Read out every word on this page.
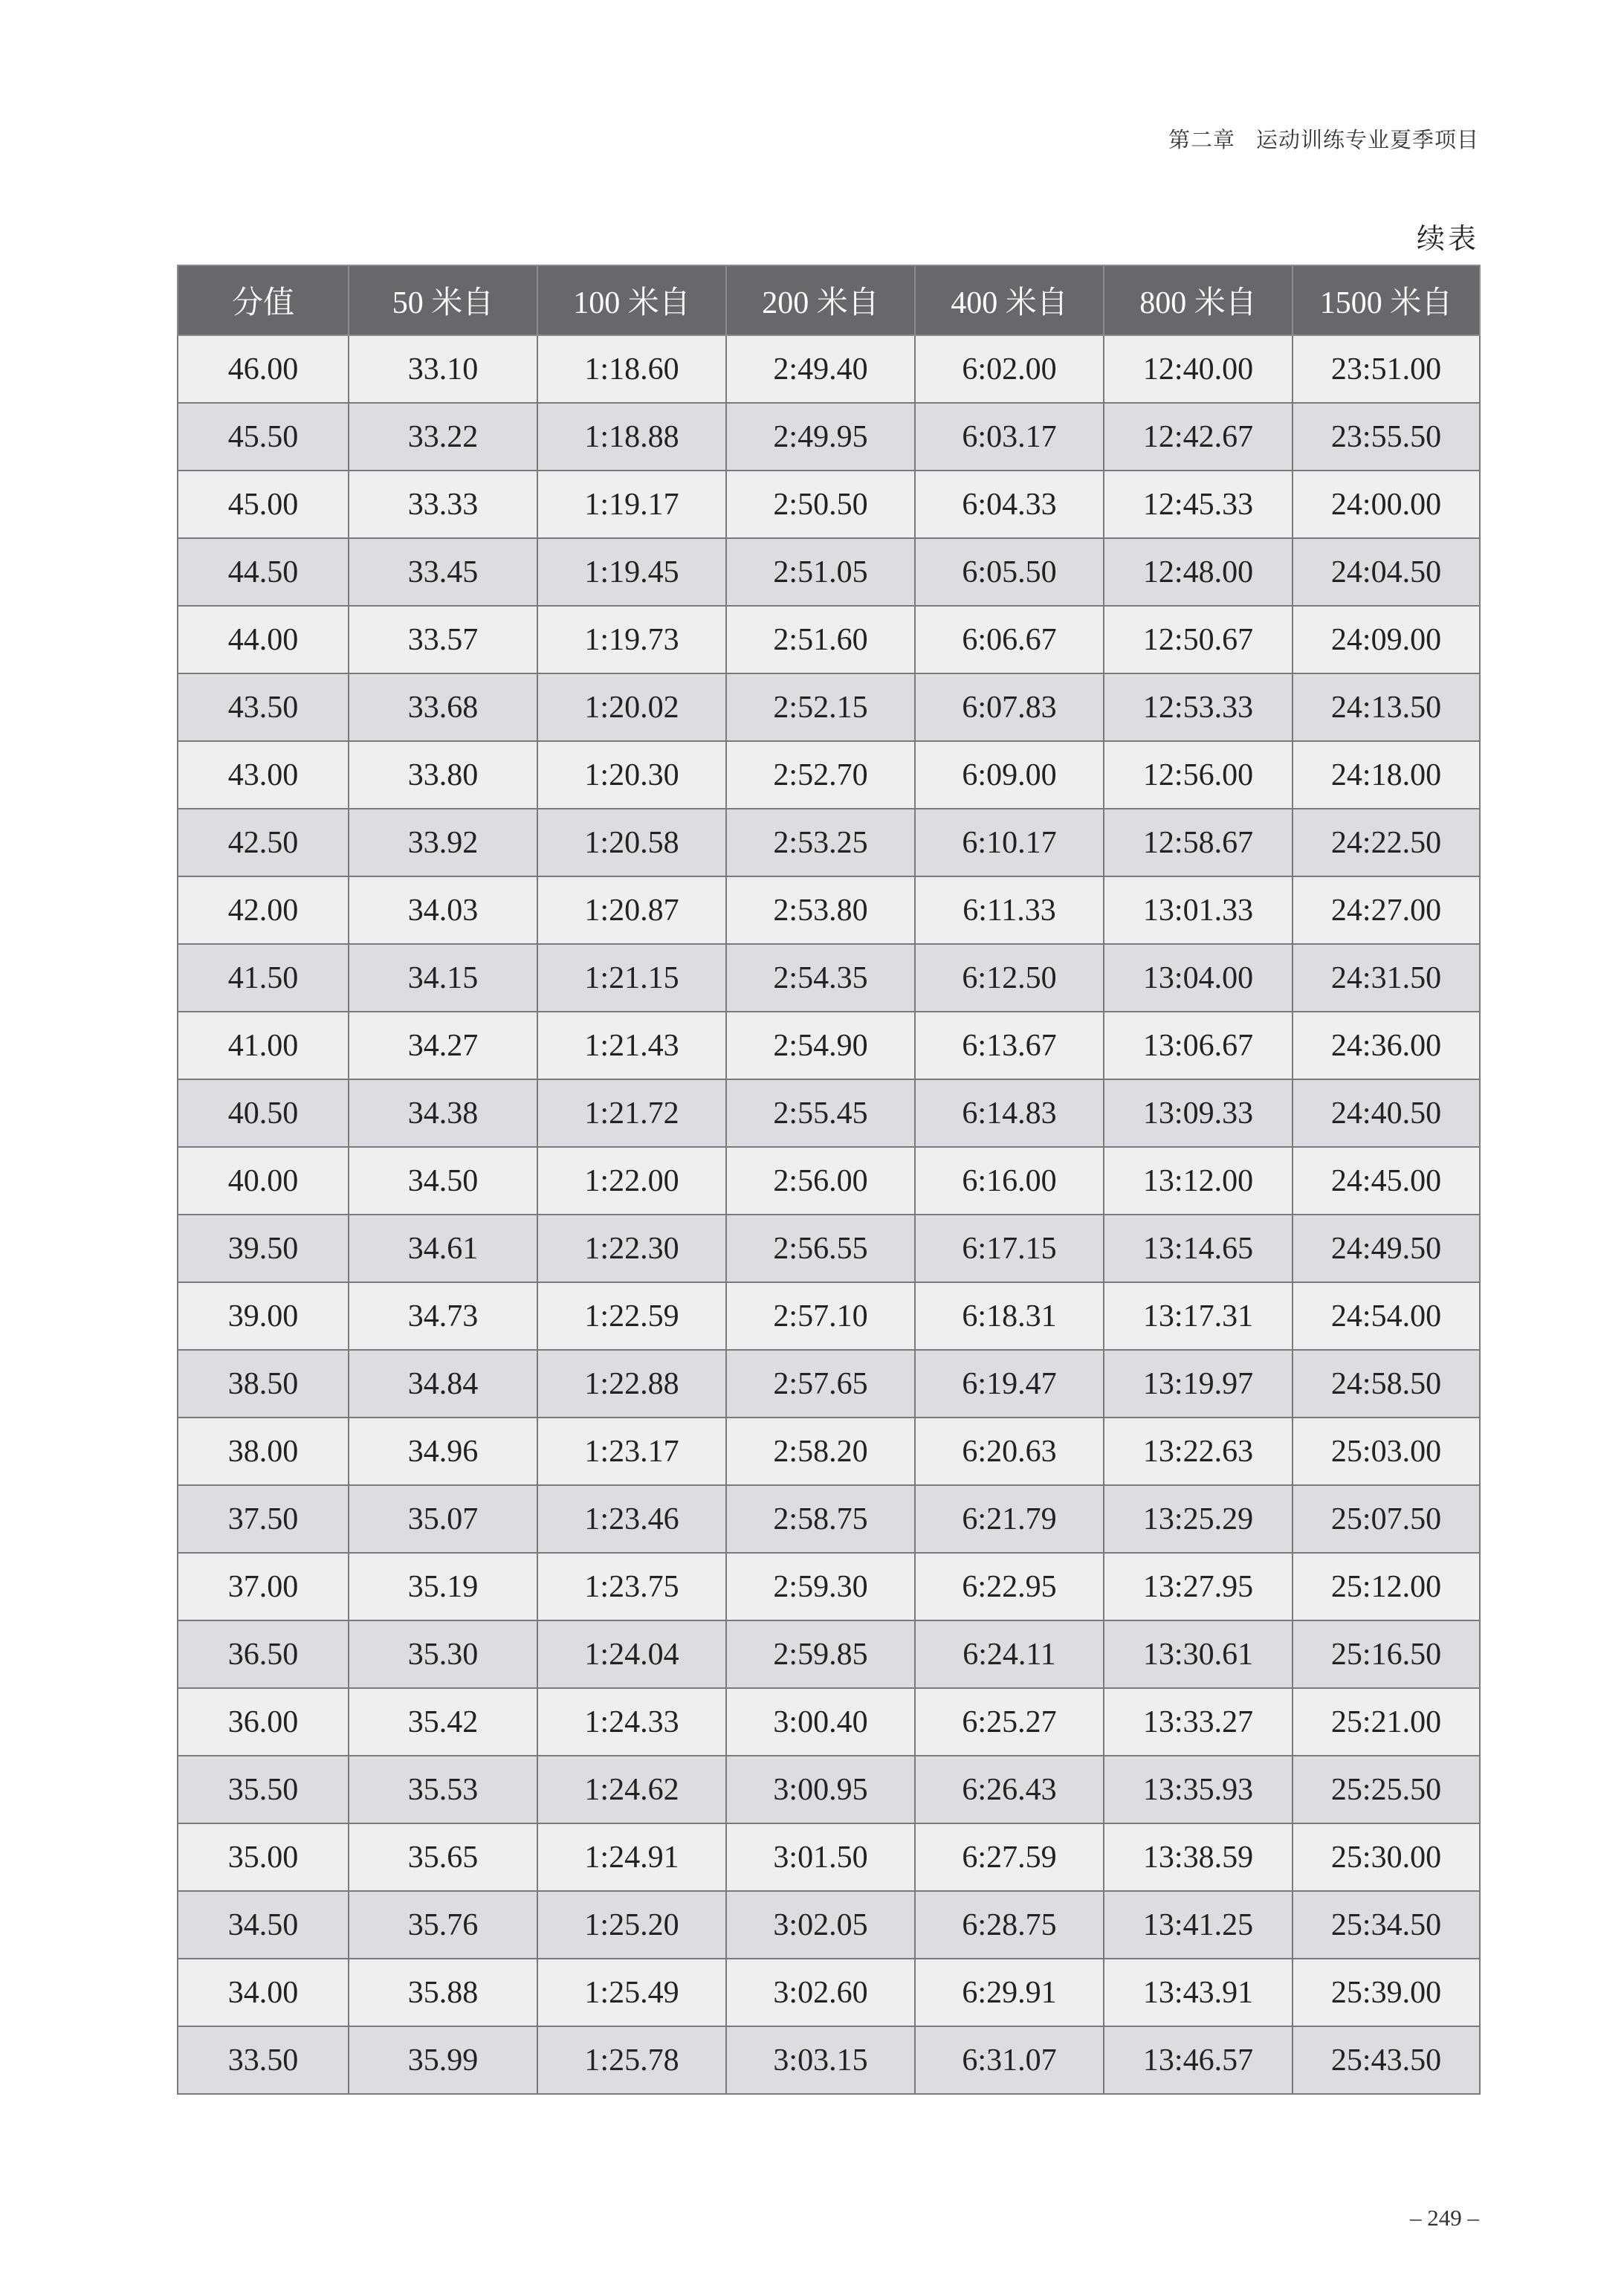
第二章 运动训练专业夏季项目
续表
分值	50 米自	100 米自	200 米自	400 米自	800 米自	1500 米自
46.00	33.10	1:18.60	2:49.40	6:02.00	12:40.00	23:51.00
45.50	33.22	1:18.88	2:49.95	6:03.17	12:42.67	23:55.50
45.00	33.33	1:19.17	2:50.50	6:04.33	12:45.33	24:00.00
44.50	33.45	1:19.45	2:51.05	6:05.50	12:48.00	24:04.50
44.00	33.57	1:19.73	2:51.60	6:06.67	12:50.67	24:09.00
43.50	33.68	1:20.02	2:52.15	6:07.83	12:53.33	24:13.50
43.00	33.80	1:20.30	2:52.70	6:09.00	12:56.00	24:18.00
42.50	33.92	1:20.58	2:53.25	6:10.17	12:58.67	24:22.50
42.00	34.03	1:20.87	2:53.80	6:11.33	13:01.33	24:27.00
41.50	34.15	1:21.15	2:54.35	6:12.50	13:04.00	24:31.50
41.00	34.27	1:21.43	2:54.90	6:13.67	13:06.67	24:36.00
40.50	34.38	1:21.72	2:55.45	6:14.83	13:09.33	24:40.50
40.00	34.50	1:22.00	2:56.00	6:16.00	13:12.00	24:45.00
39.50	34.61	1:22.30	2:56.55	6:17.15	13:14.65	24:49.50
39.00	34.73	1:22.59	2:57.10	6:18.31	13:17.31	24:54.00
38.50	34.84	1:22.88	2:57.65	6:19.47	13:19.97	24:58.50
38.00	34.96	1:23.17	2:58.20	6:20.63	13:22.63	25:03.00
37.50	35.07	1:23.46	2:58.75	6:21.79	13:25.29	25:07.50
37.00	35.19	1:23.75	2:59.30	6:22.95	13:27.95	25:12.00
36.50	35.30	1:24.04	2:59.85	6:24.11	13:30.61	25:16.50
36.00	35.42	1:24.33	3:00.40	6:25.27	13:33.27	25:21.00
35.50	35.53	1:24.62	3:00.95	6:26.43	13:35.93	25:25.50
35.00	35.65	1:24.91	3:01.50	6:27.59	13:38.59	25:30.00
34.50	35.76	1:25.20	3:02.05	6:28.75	13:41.25	25:34.50
34.00	35.88	1:25.49	3:02.60	6:29.91	13:43.91	25:39.00
33.50	35.99	1:25.78	3:03.15	6:31.07	13:46.57	25:43.50
– 249 –
